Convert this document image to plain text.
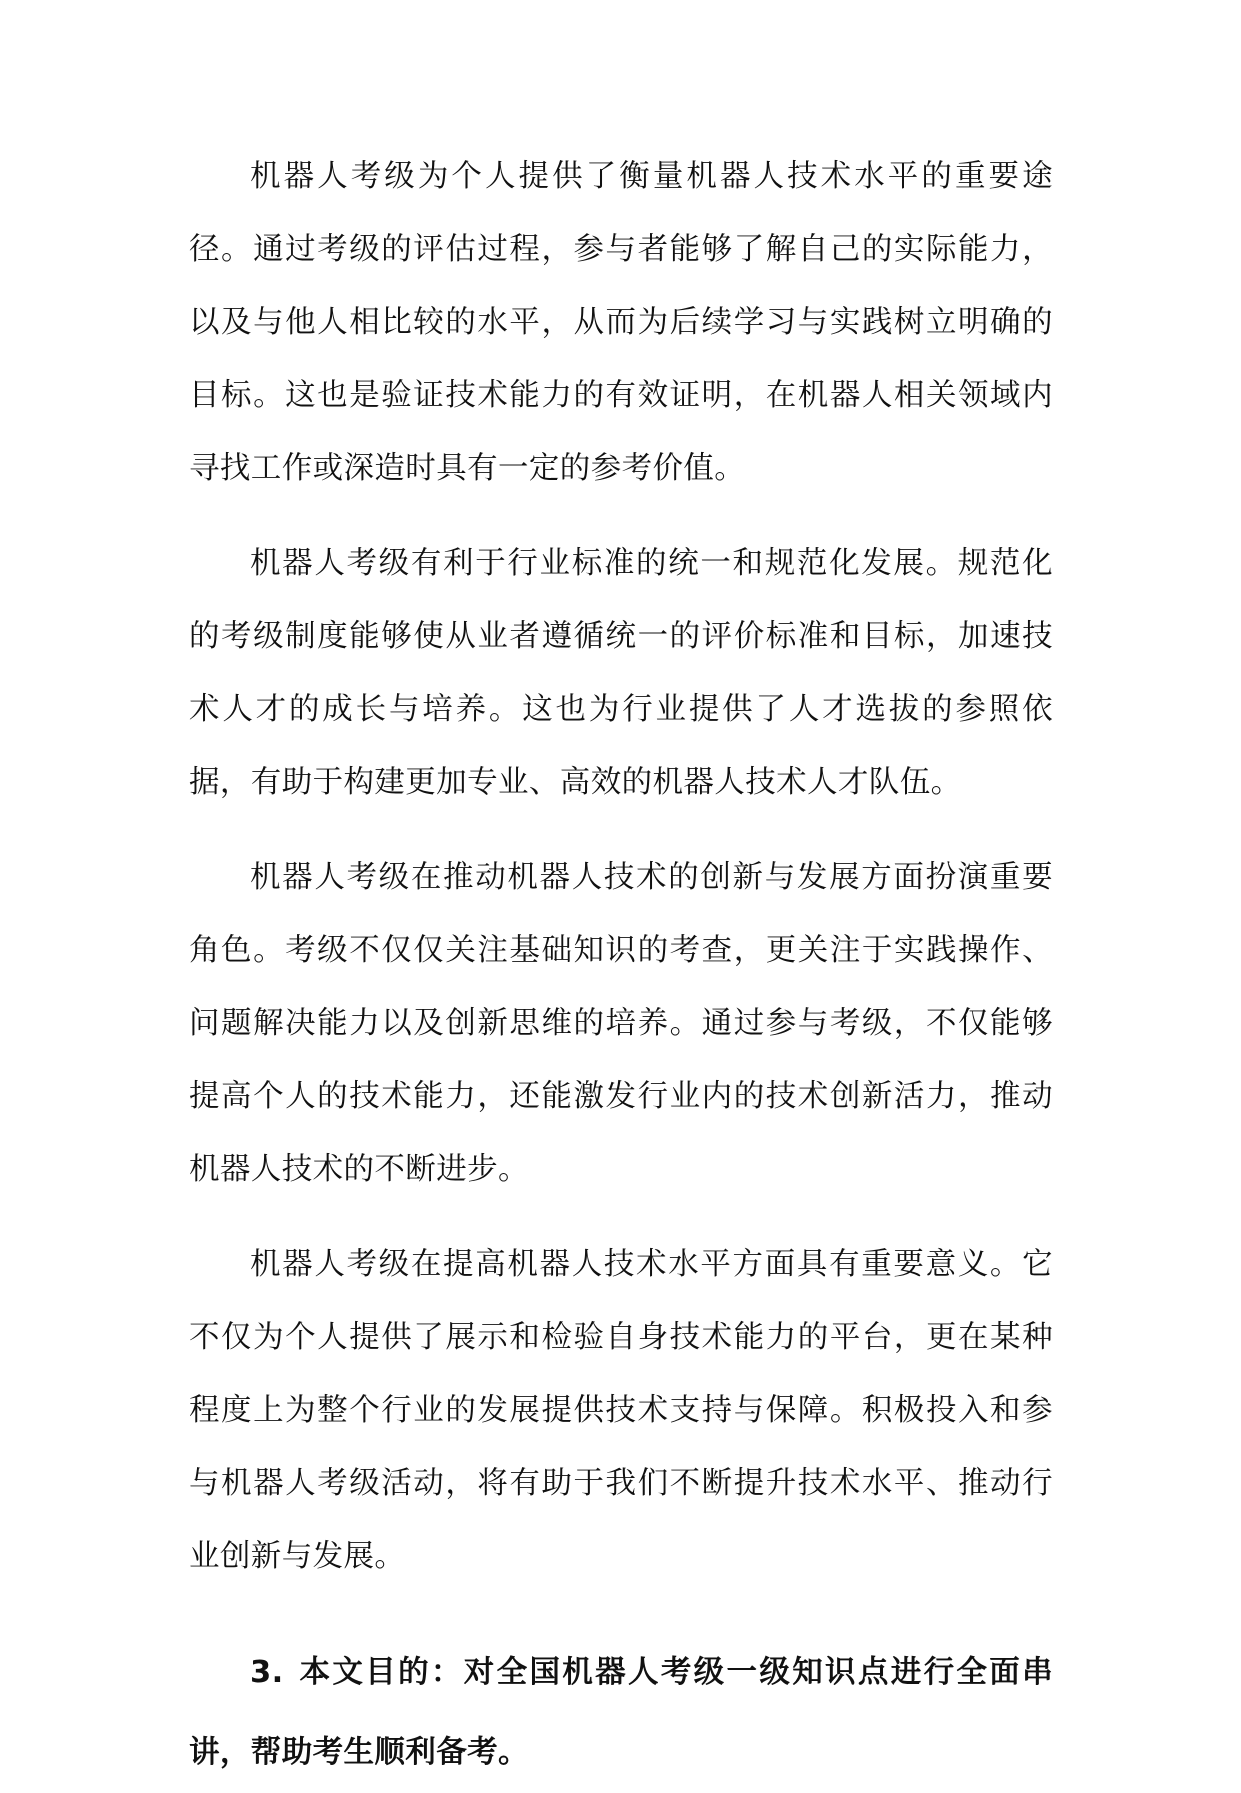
机器人考级为个人提供了衡量机器人技术水平的重要途径。通过考级的评估过程，参与者能够了解自己的实际能力，以及与他人相比较的水平，从而为后续学习与实践树立明确的目标。这也是验证技术能力的有效证明，在机器人相关领域内寻找工作或深造时具有一定的参考价值。

机器人考级有利于行业标准的统一和规范化发展。规范化的考级制度能够使从业者遵循统一的评价标准和目标，加速技术人才的成长与培养。这也为行业提供了人才选拔的参照依据，有助于构建更加专业、高效的机器人技术人才队伍。

机器人考级在推动机器人技术的创新与发展方面扮演重要角色。考级不仅仅关注基础知识的考查，更关注于实践操作、问题解决能力以及创新思维的培养。通过参与考级，不仅能够提高个人的技术能力，还能激发行业内的技术创新活力，推动机器人技术的不断进步。

机器人考级在提高机器人技术水平方面具有重要意义。它不仅为个人提供了展示和检验自身技术能力的平台，更在某种程度上为整个行业的发展提供技术支持与保障。积极投入和参与机器人考级活动，将有助于我们不断提升技术水平、推动行业创新与发展。

3. 本文目的：对全国机器人考级一级知识点进行全面串讲，帮助考生顺利备考。
